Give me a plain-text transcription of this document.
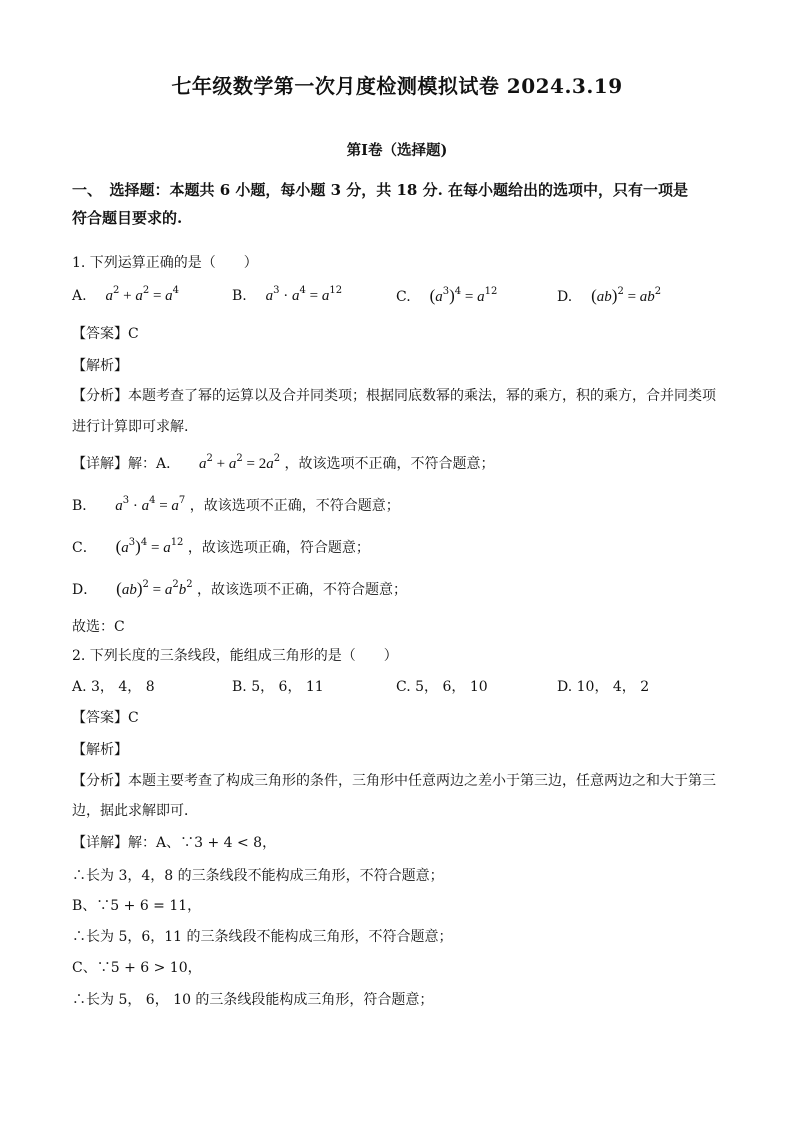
七年级数学第一次月度检测模拟试卷 2024.3.19
第Ⅰ卷（选择题)
一、　选择题：本题共 6 小题，每小题 3 分，共 18 分. 在每小题给出的选项中，只有一项是
符合题目要求的.
1. 下列运算正确的是（　　）
A. $a^2 + a^2 = a^4$	B. $a^3 \cdot a^4 = a^{12}$	C. $(a^3)^4 = a^{12}$	D. $(ab)^2 = ab^2$
【答案】C
【解析】
【分析】本题考查了幂的运算以及合并同类项；根据同底数幂的乘法，幂的乘方，积的乘方，合并同类项
进行计算即可求解.
【详解】解：A． $a^2 + a^2 = 2a^2$ ，故该选项不正确，不符合题意；
B． $a^3 \cdot a^4 = a^7$ ，故该选项不正确，不符合题意；
C． $(a^3)^4 = a^{12}$ ，故该选项正确，符合题意；
D． $(ab)^2 = a^2b^2$ ，故该选项不正确，不符合题意；
故选：C
2. 下列长度的三条线段，能组成三角形的是（　　）
A. 3， 4， 8	B. 5， 6， 11	C. 5， 6， 10	D. 10， 4， 2
【答案】C
【解析】
【分析】本题主要考查了构成三角形的条件，三角形中任意两边之差小于第三边，任意两边之和大于第三
边，据此求解即可．
【详解】解：A、∵3 + 4 < 8，
∴长为 3，4，8 的三条线段不能构成三角形，不符合题意；
B、∵5 + 6 = 11，
∴长为 5，6，11 的三条线段不能构成三角形，不符合题意；
C、∵5 + 6 > 10，
∴长为 5， 6， 10 的三条线段能构成三角形，符合题意；
